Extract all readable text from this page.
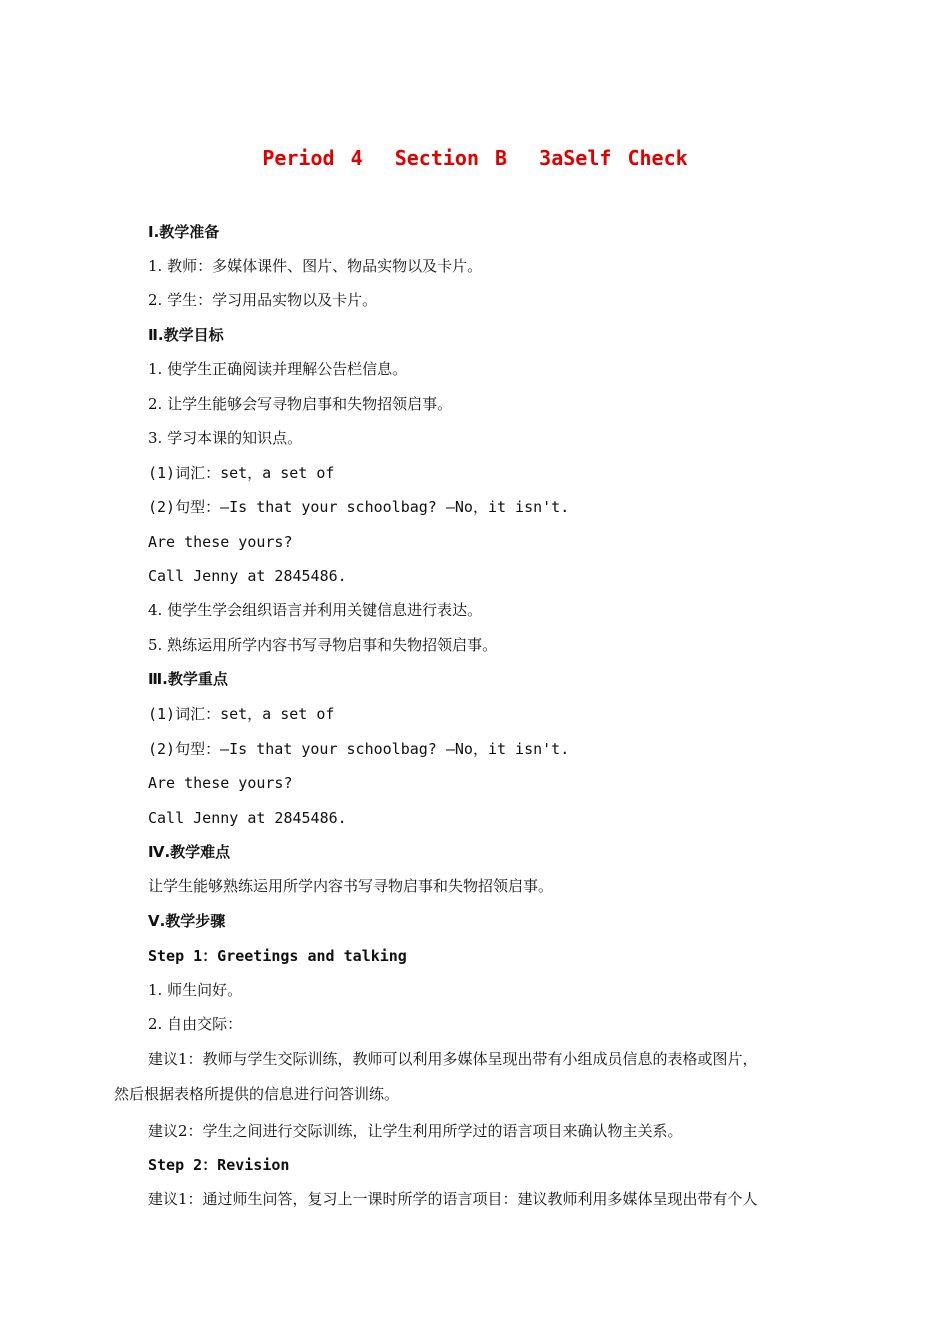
Period 4  Section B  3aSelf Check
Ⅰ.教学准备
1. 教师：多媒体课件、图片、物品实物以及卡片。
2. 学生：学习用品实物以及卡片。
Ⅱ.教学目标
1. 使学生正确阅读并理解公告栏信息。
2. 让学生能够会写寻物启事和失物招领启事。
3. 学习本课的知识点。
(1)词汇：set，a set of
(2)句型：—Is that your schoolbag? —No，it isn't.
Are these yours?
Call Jenny at 2845486.
4. 使学生学会组织语言并利用关键信息进行表达。
5. 熟练运用所学内容书写寻物启事和失物招领启事。
Ⅲ.教学重点
(1)词汇：set，a set of
(2)句型：—Is that your schoolbag? —No，it isn't.
Are these yours?
Call Jenny at 2845486.
Ⅳ.教学难点
让学生能够熟练运用所学内容书写寻物启事和失物招领启事。
Ⅴ.教学步骤
Step 1：Greetings and talking
1. 师生问好。
2. 自由交际：
建议1：教师与学生交际训练，教师可以利用多媒体呈现出带有小组成员信息的表格或图片，
然后根据表格所提供的信息进行问答训练。
建议2：学生之间进行交际训练，让学生利用所学过的语言项目来确认物主关系。
Step 2：Revision
建议1：通过师生问答，复习上一课时所学的语言项目：建议教师利用多媒体呈现出带有个人
